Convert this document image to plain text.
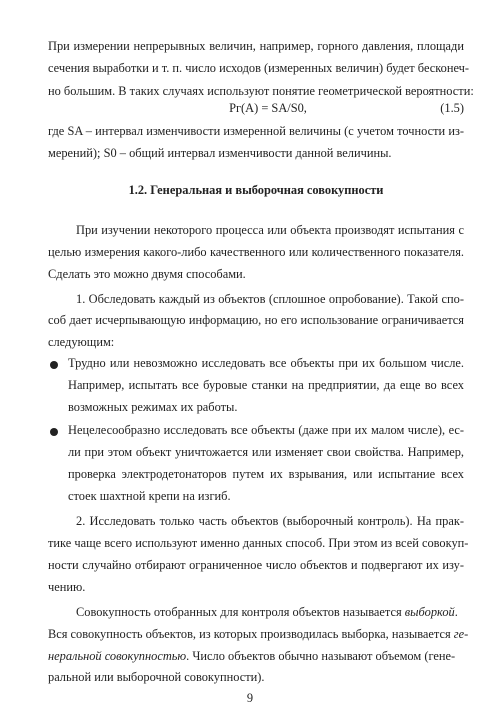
При измерении непрерывных величин, например, горного давления, площади
сечения выработки и т. п. число исходов (измеренных величин) будет бесконеч-
но большим. В таких случаях используют понятие геометрической вероятности:
Pг(A) = SA/S0,	(1.5)
где SA – интервал изменчивости измеренной величины (с учетом точности из-
мерений); S0 – общий интервал изменчивости данной величины.
1.2. Генеральная и выборочная совокупности
При изучении некоторого процесса или объекта производят испытания с
целью измерения какого-либо качественного или количественного показателя.
Сделать это можно двумя способами.
1. Обследовать каждый из объектов (сплошное опробование). Такой спо-
соб дает исчерпывающую информацию, но его использование ограничивается
следующим:
Трудно или невозможно исследовать все объекты при их большом числе.
Например, испытать все буровые станки на предприятии, да еще во всех
возможных режимах их работы.
Нецелесообразно исследовать все объекты (даже при их малом числе), ес-
ли при этом объект уничтожается или изменяет свои свойства. Например,
проверка электродетонаторов путем их взрывания, или испытание всех
стоек шахтной крепи на изгиб.
2. Исследовать только часть объектов (выборочный контроль). На прак-
тике чаще всего используют именно данных способ. При этом из всей совокуп-
ности случайно отбирают ограниченное число объектов и подвергают их изу-
чению.
Совокупность отобранных для контроля объектов называется выборкой.
Вся совокупность объектов, из которых производилась выборка, называется ге-
неральной совокупностью. Число объектов обычно называют объемом (гене-
ральной или выборочной совокупности).
9
